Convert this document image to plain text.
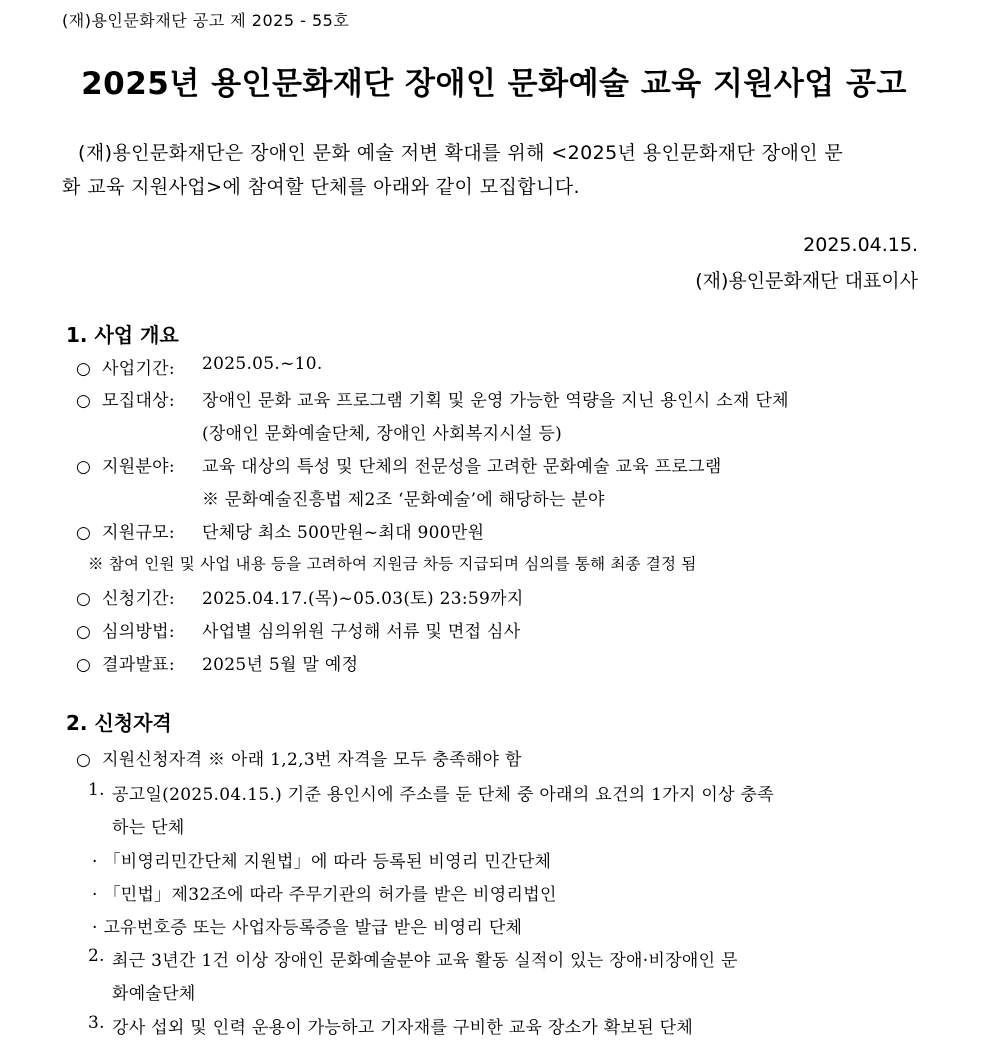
(재)용인문화재단 공고 제 2025 - 55호
2025년 용인문화재단 장애인 문화예술 교육 지원사업 공고
(재)용인문화재단은 장애인 문화 예술 저변 확대를 위해 <2025년 용인문화재단 장애인 문
화 교육 지원사업>에 참여할 단체를 아래와 같이 모집합니다.
2025.04.15.
(재)용인문화재단 대표이사
1. 사업 개요
○ 사업기간: 2025.05.~10.
○ 모집대상: 장애인 문화 교육 프로그램 기획 및 운영 가능한 역량을 지닌 용인시 소재 단체
(장애인 문화예술단체, 장애인 사회복지시설 등)
○ 지원분야: 교육 대상의 특성 및 단체의 전문성을 고려한 문화예술 교육 프로그램
※ 문화예술진흥법 제2조 ‘문화예술’에 해당하는 분야
○ 지원규모: 단체당 최소 500만원~최대 900만원
※ 참여 인원 및 사업 내용 등을 고려하여 지원금 차등 지급되며 심의를 통해 최종 결정 됨
○ 신청기간: 2025.04.17.(목)~05.03(토) 23:59까지
○ 심의방법: 사업별 심의위원 구성해 서류 및 면접 심사
○ 결과발표: 2025년 5월 말 예정
2. 신청자격
○ 지원신청자격 ※ 아래 1,2,3번 자격을 모두 충족해야 함
1. 공고일(2025.04.15.) 기준 용인시에 주소를 둔 단체 중 아래의 요건의 1가지 이상 충족
하는 단체
· 「비영리민간단체 지원법」에 따라 등록된 비영리 민간단체
· 「민법」제32조에 따라 주무기관의 허가를 받은 비영리법인
· 고유번호증 또는 사업자등록증을 발급 받은 비영리 단체
2. 최근 3년간 1건 이상 장애인 문화예술분야 교육 활동 실적이 있는 장애·비장애인 문
화예술단체
3. 강사 섭외 및 인력 운용이 가능하고 기자재를 구비한 교육 장소가 확보된 단체
